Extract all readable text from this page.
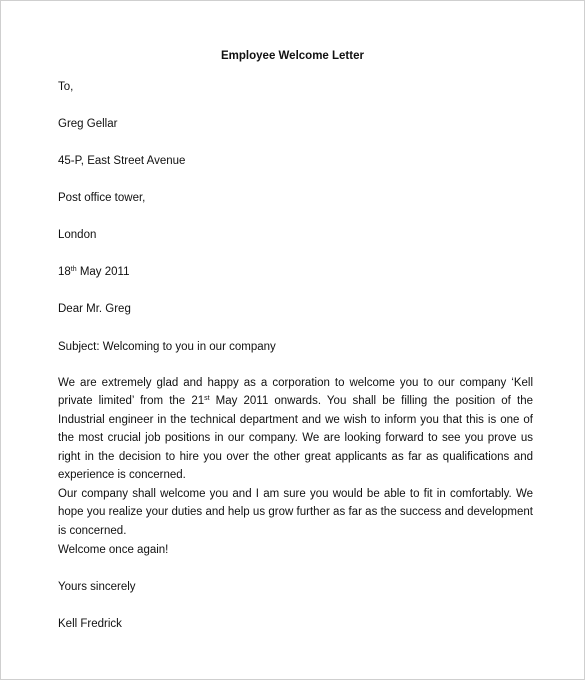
Employee Welcome Letter
To,
Greg Gellar
45-P, East Street Avenue
Post office tower,
London
18th May 2011
Dear Mr. Greg
Subject: Welcoming to you in our company

We are extremely glad and happy as a corporation to welcome you to our company ‘Kell private limited’ from the 21st May 2011 onwards. You shall be filling the position of the Industrial engineer in the technical department and we wish to inform you that this is one of the most crucial job positions in our company. We are looking forward to see you prove us right in the decision to hire you over the other great applicants as far as qualifications and experience is concerned.

Our company shall welcome you and I am sure you would be able to fit in comfortably. We hope you realize your duties and help us grow further as far as the success and development is concerned.

Welcome once again!
Yours sincerely
Kell Fredrick
